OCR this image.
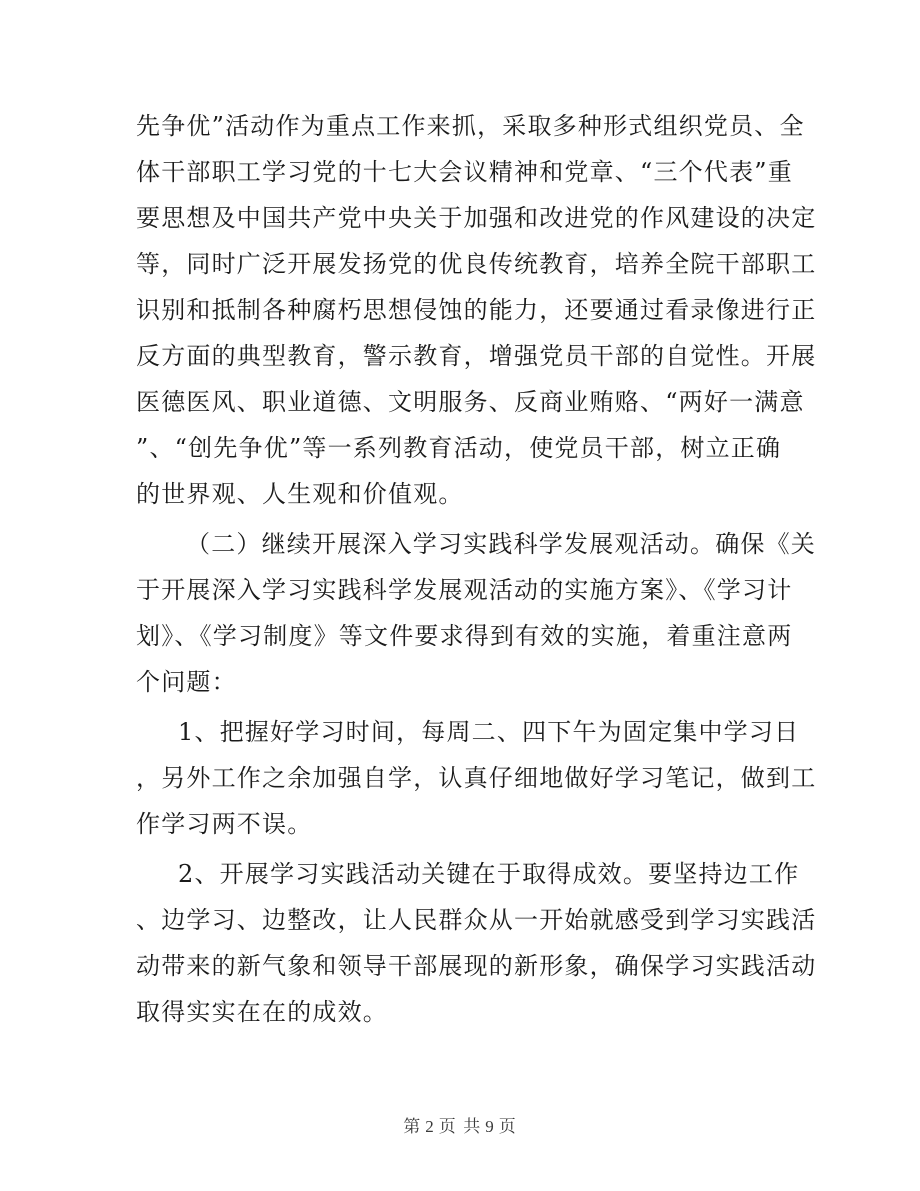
先争优”活动作为重点工作来抓，采取多种形式组织党员、全
体干部职工学习党的十七大会议精神和党章、“三个代表”重
要思想及中国共产党中央关于加强和改进党的作风建设的决定
等，同时广泛开展发扬党的优良传统教育，培养全院干部职工
识别和抵制各种腐朽思想侵蚀的能力，还要通过看录像进行正
反方面的典型教育，警示教育，增强党员干部的自觉性。开展
医德医风、职业道德、文明服务、反商业贿赂、“两好一满意
”、“创先争优”等一系列教育活动，使党员干部，树立正确
的世界观、人生观和价值观。
（二）继续开展深入学习实践科学发展观活动。确保《关
于开展深入学习实践科学发展观活动的实施方案》、《学习计
划》、《学习制度》等文件要求得到有效的实施，着重注意两
个问题：
1、把握好学习时间，每周二、四下午为固定集中学习日
，另外工作之余加强自学，认真仔细地做好学习笔记，做到工
作学习两不误。
2、开展学习实践活动关键在于取得成效。要坚持边工作
、边学习、边整改，让人民群众从一开始就感受到学习实践活
动带来的新气象和领导干部展现的新形象，确保学习实践活动
取得实实在在的成效。
第 2 页 共 9 页
